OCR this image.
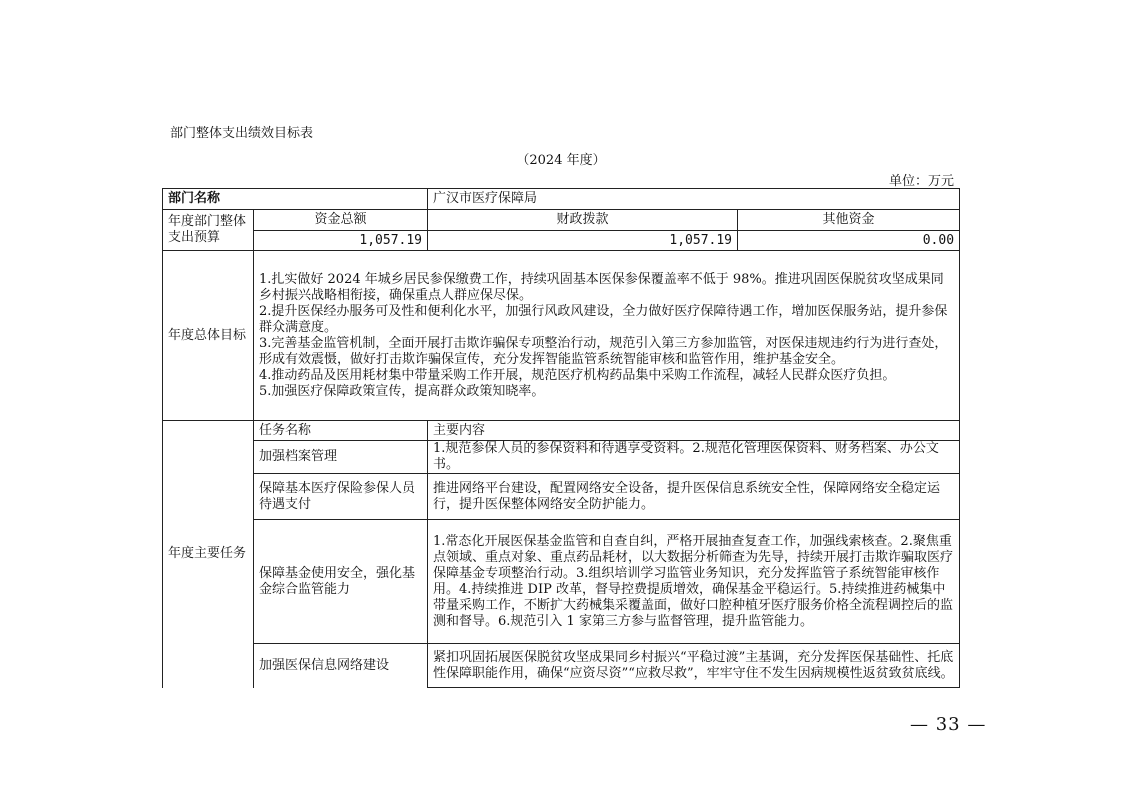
部门整体支出绩效目标表
（2024 年度）
单位：万元
部门名称		广汉市医疗保障局	
年度部门整体支出预算	资金总额	财政拨款	其他资金
	1,057.19	1,057.19	0.00
年度总体目标	1.扎实做好 2024 年城乡居民参保缴费工作，持续巩固基本医保参保覆盖率不低于 98%。推进巩固医保脱贫攻坚成果同乡村振兴战略相衔接，确保重点人群应保尽保。

2.提升医保经办服务可及性和便利化水平，加强行风政风建设，全力做好医疗保障待遇工作，增加医保服务站，提升参保群众满意度。

3.完善基金监管机制，全面开展打击欺诈骗保专项整治行动，规范引入第三方参加监管，对医保违规违约行为进行查处，形成有效震慑，做好打击欺诈骗保宣传，充分发挥智能监管系统智能审核和监管作用，维护基金安全。

4.推动药品及医用耗材集中带量采购工作开展，规范医疗机构药品集中采购工作流程，减轻人民群众医疗负担。

5.加强医疗保障政策宣传，提高群众政策知晓率。		

年度主要任务	任务名称	主要内容	
	加强档案管理	1.规范参保人员的参保资料和待遇享受资料。2.规范化管理医保资料、财务档案、办公文书。	
	保障基本医疗保险参保人员待遇支付	推进网络平台建设，配置网络安全设备，提升医保信息系统安全性，保障网络安全稳定运行，提升医保整体网络安全防护能力。	
	保障基金使用安全，强化基金综合监管能力	1.常态化开展医保基金监管和自查自纠，严格开展抽查复查工作，加强线索核查。2.聚焦重点领域、重点对象、重点药品耗材，以大数据分析筛查为先导，持续开展打击欺诈骗取医疗保障基金专项整治行动。3.组织培训学习监管业务知识，充分发挥监管子系统智能审核作用。4.持续推进 DIP 改革，督导控费提质增效，确保基金平稳运行。5.持续推进药械集中带量采购工作，不断扩大药械集采覆盖面，做好口腔种植牙医疗服务价格全流程调控后的监测和督导。6.规范引入 1 家第三方参与监督管理，提升监管能力。	
	加强医保信息网络建设	紧扣巩固拓展医保脱贫攻坚成果同乡村振兴“平稳过渡”主基调，充分发挥医保基础性、托底性保障职能作用，确保“应资尽资”“应救尽救”，牢牢守住不发生因病规模性返贫致贫底线。	
— 33 —
